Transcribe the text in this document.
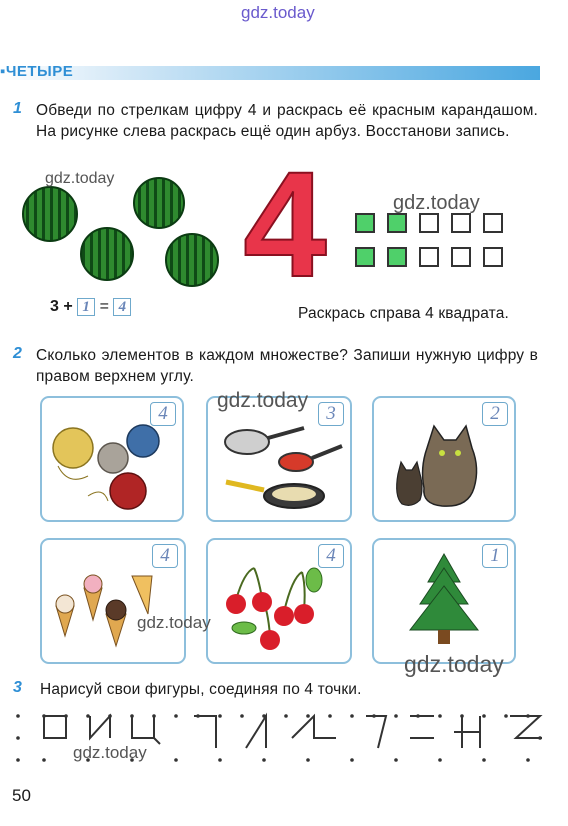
gdz.today
▪ЧЕТЫРЕ
1 Обведи по стрелкам цифру 4 и раскрась её красным карандашом. На рисунке слева раскрась ещё один арбуз. Восстанови запись.
gdz.today 4	gdz.today
3 + 1 = 4	Раскрась справа 4 квадрата.
2 Сколько элементов в каждом множестве? Запиши нужную цифру в правом верхнем углу.
4	3	2
4	4	1
gdz.today
gdz.today
gdz.today
3 Нарисуй свои фигуры, соединяя по 4 точки.
gdz.today
50
